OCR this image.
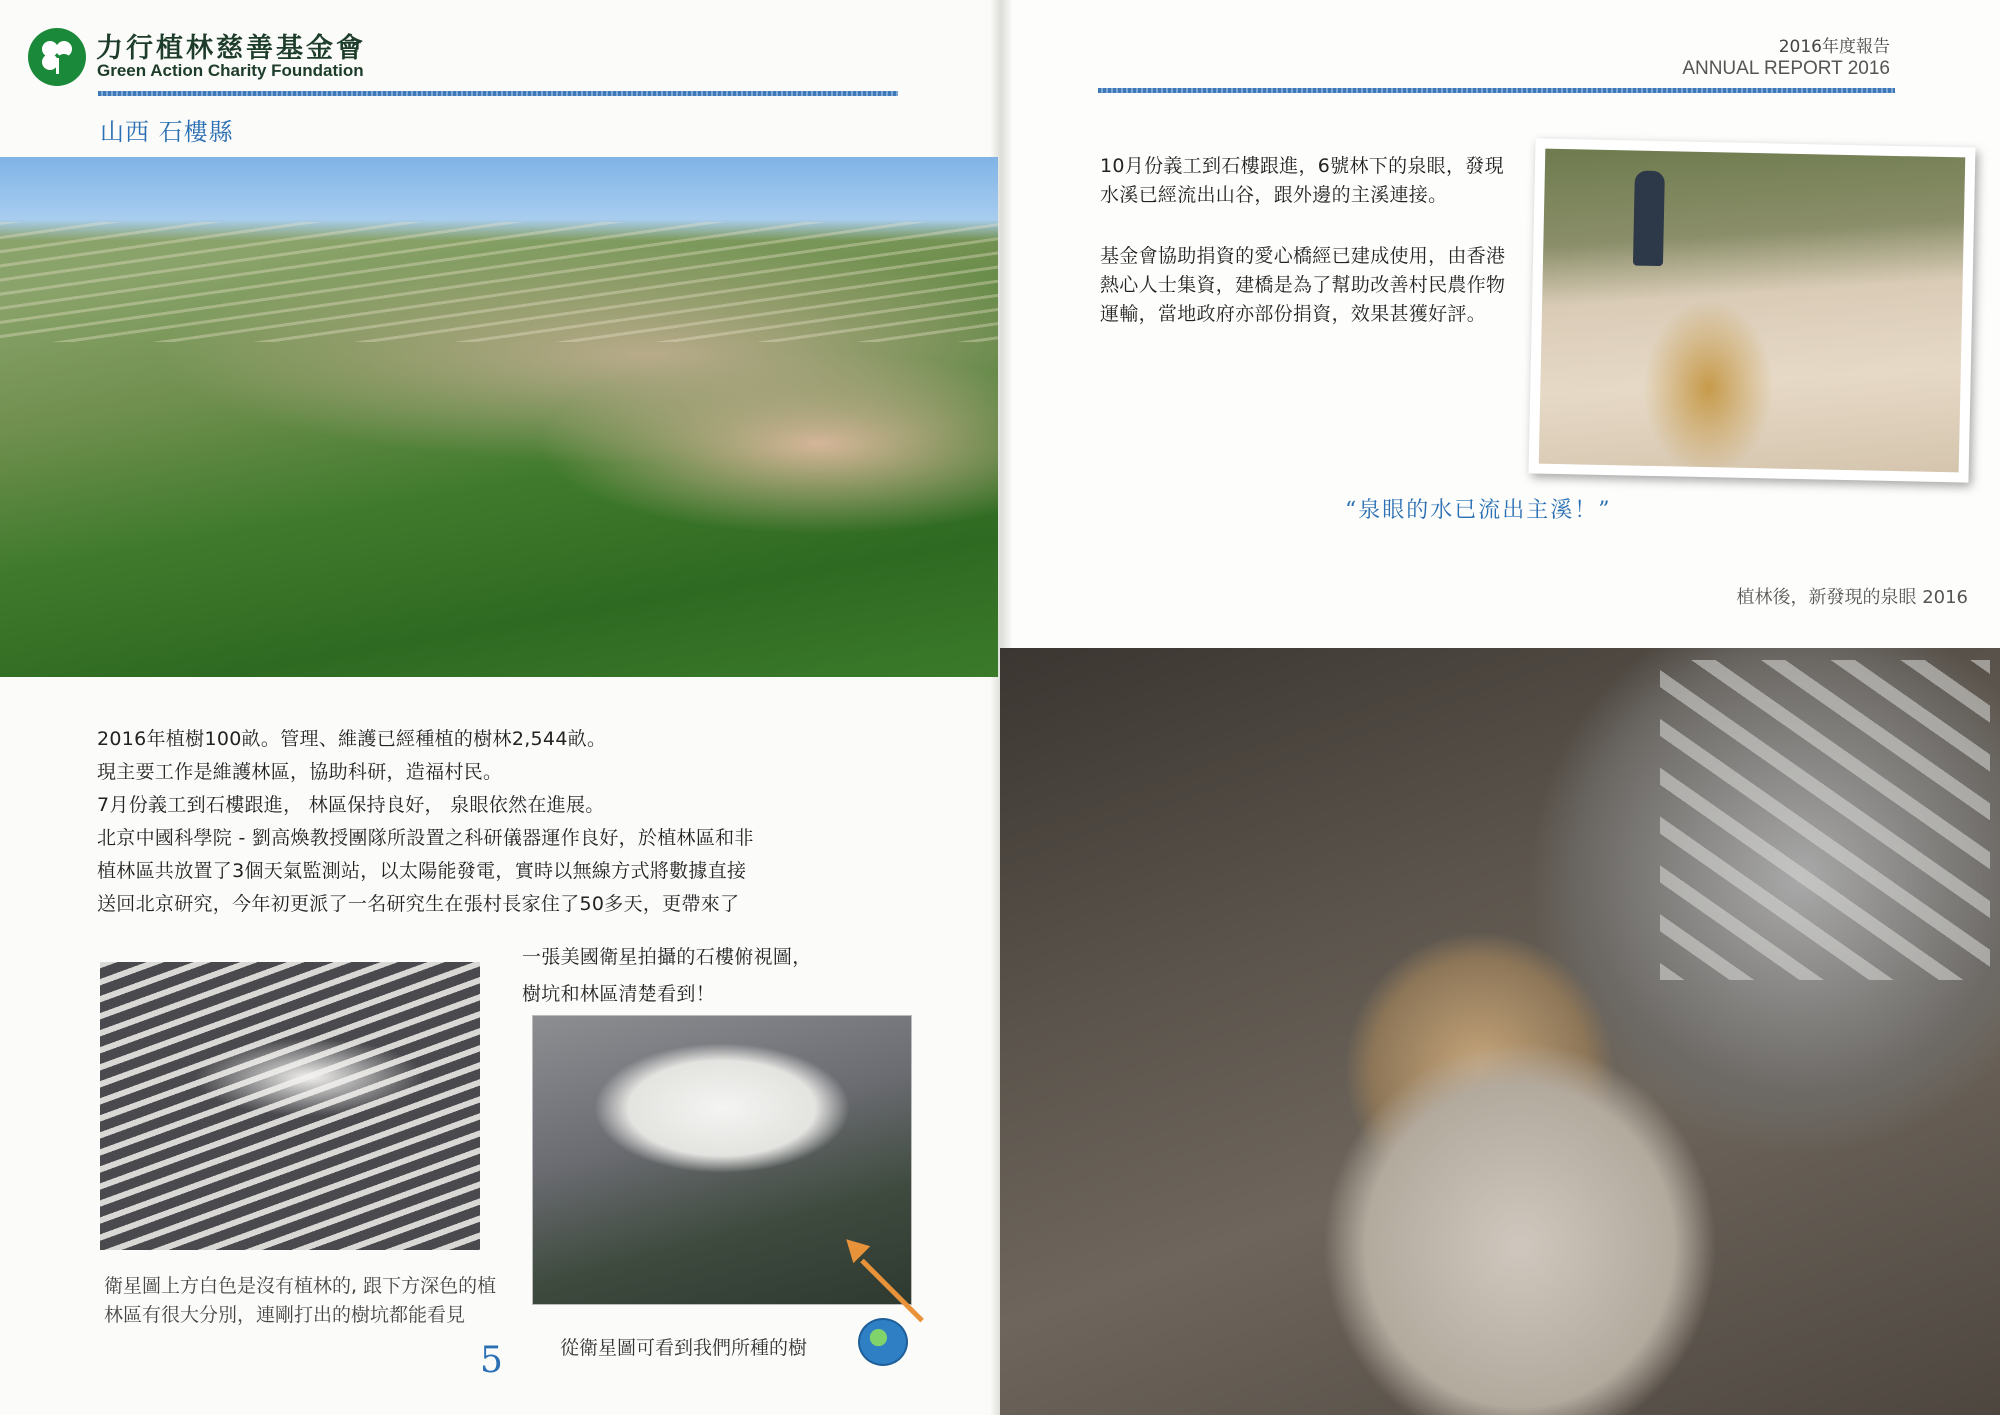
力行植林慈善基金會
Green Action Charity Foundation
山西 石樓縣
2016年度報告
ANNUAL REPORT 2016
2016年植樹100畝。管理、維護已經種植的樹林2,544畝。
現主要工作是維護林區，協助科研，造福村民。
7月份義工到石樓跟進， 林區保持良好， 泉眼依然在進展。
北京中國科學院 - 劉高煥教授團隊所設置之科研儀器運作良好，於植林區和非
植林區共放置了3個天氣監測站，以太陽能發電，實時以無線方式將數據直接
送回北京研究，今年初更派了一名研究生在張村長家住了50多天，更帶來了
一張美國衛星拍攝的石樓俯視圖，
樹坑和林區清楚看到！
衛星圖上方白色是沒有植林的, 跟下方深色的植林區有很大分別，連剛打出的樹坑都能看見
從衛星圖可看到我們所種的樹
5
10月份義工到石樓跟進，6號林下的泉眼，發現水溪已經流出山谷，跟外邊的主溪連接。
基金會協助捐資的愛心橋經已建成使用，由香港熱心人士集資，建橋是為了幫助改善村民農作物運輸，當地政府亦部份捐資，效果甚獲好評。
“泉眼的水已流出主溪！”
植林後，新發現的泉眼 2016
